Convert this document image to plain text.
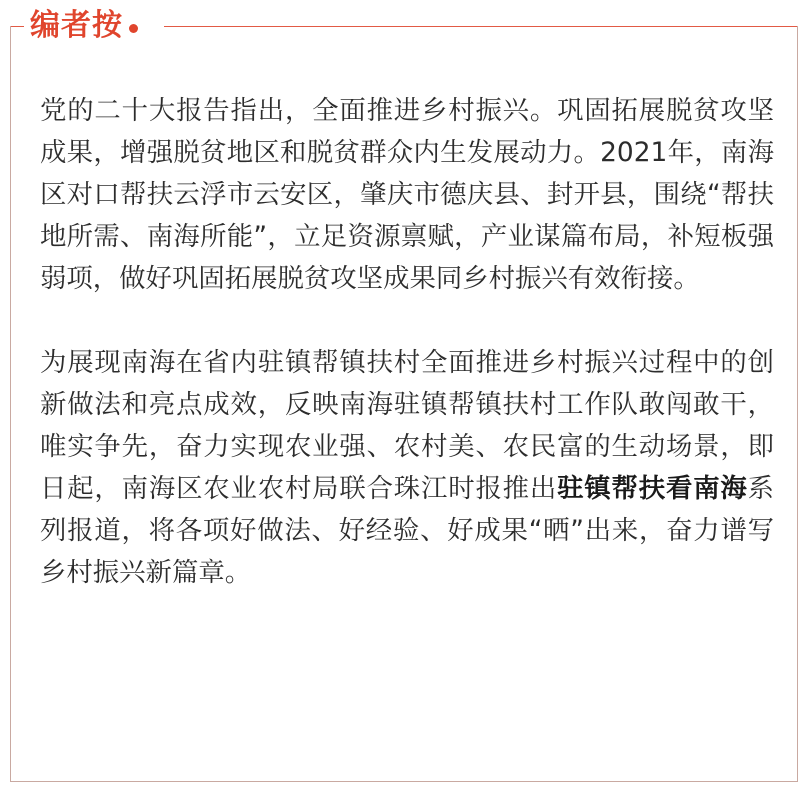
编者按

党的二十大报告指出，全面推进乡村振兴。巩固拓展脱贫攻坚成果，增强脱贫地区和脱贫群众内生发展动力。2021年，南海区对口帮扶云浮市云安区，肇庆市德庆县、封开县，围绕“帮扶地所需、南海所能”，立足资源禀赋，产业谋篇布局，补短板强弱项，做好巩固拓展脱贫攻坚成果同乡村振兴有效衔接。

为展现南海在省内驻镇帮镇扶村全面推进乡村振兴过程中的创新做法和亮点成效，反映南海驻镇帮镇扶村工作队敢闯敢干，唯实争先，奋力实现农业强、农村美、农民富的生动场景，即日起，南海区农业农村局联合珠江时报推出驻镇帮扶看南海系列报道，将各项好做法、好经验、好成果“晒”出来，奋力谱写乡村振兴新篇章。
